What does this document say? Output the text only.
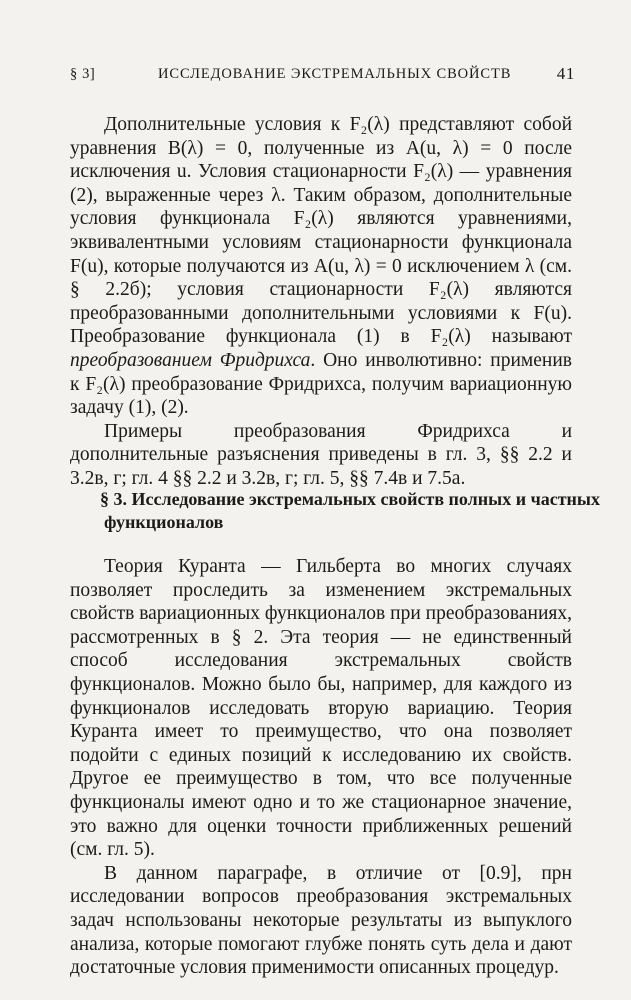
§ 3]	ИССЛЕДОВАНИЕ ЭКСТРЕМАЛЬНЫХ СВОЙСТВ	41

Дополнительные условия к F₂(λ) представляют собой уравнения B(λ) = 0, полученные из A(u, λ) = 0 после исключения u. Условия стационарности F₂(λ) — уравнения (2), выраженные через λ. Таким образом, дополнительные условия функционала F₂(λ) являются уравнениями, эквивалентными условиям стационарности функционала F(u), которые получаются из A(u, λ) = 0 исключением λ (см. § 2.2б); условия стационарности F₂(λ) являются преобразованными дополнительными условиями к F(u). Преобразование функционала (1) в F₂(λ) называют преобразованием Фридрихса. Оно инволютивно: применив к F₂(λ) преобразование Фридрихса, получим вариационную задачу (1), (2).

Примеры преобразования Фридрихса и дополнительные разъяснения приведены в гл. 3, §§ 2.2 и 3.2в, г; гл. 4 §§ 2.2 и 3.2в, г; гл. 5, §§ 7.4в и 7.5а.

§ 3. Исследование экстремальных свойств полных и частных функционалов

Теория Куранта — Гильберта во многих случаях позволяет проследить за изменением экстремальных свойств вариационных функционалов при преобразованиях, рассмотренных в § 2. Эта теория — не единственный способ исследования экстремальных свойств функционалов. Можно было бы, например, для каждого из функционалов исследовать вторую вариацию. Теория Куранта имеет то преимущество, что она позволяет подойти с единых позиций к исследованию их свойств. Другое ее преимущество в том, что все полученные функционалы имеют одно и то же стационарное значение, это важно для оценки точности приближенных решений (см. гл. 5).

В данном параграфе, в отличие от [0.9], прн исследовании вопросов преобразования экстремальных задач нспользованы некоторые результаты из выпуклого анализа, которые помогают глубже понять суть дела и дают достаточные условия применимости описанных процедур.
